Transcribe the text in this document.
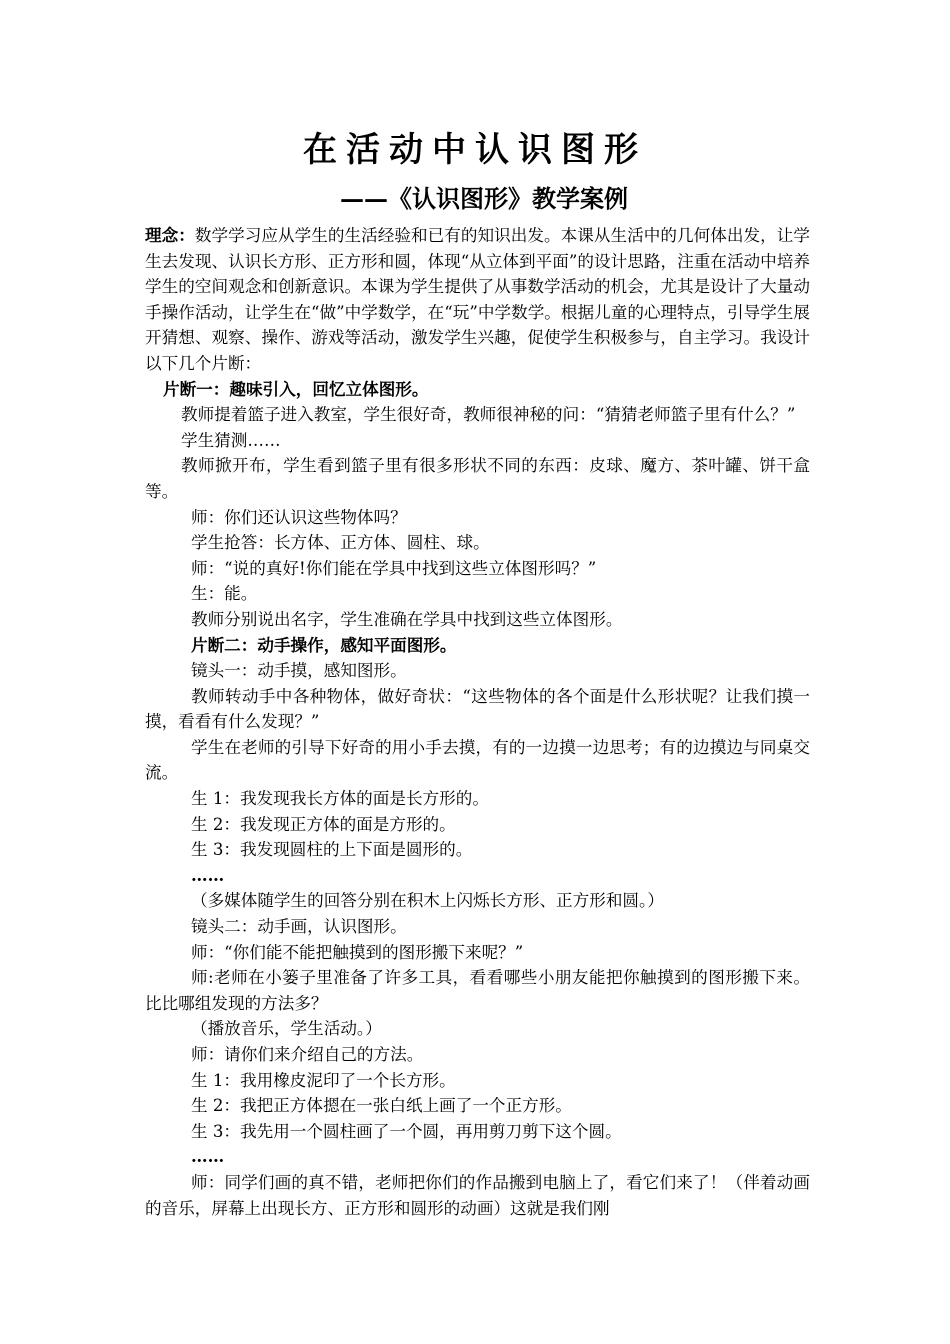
在活动中认识图形
——《认识图形》教学案例

理念：数学学习应从学生的生活经验和已有的知识出发。本课从生活中的几何体出发，让学生去发现、认识长方形、正方形和圆，体现“从立体到平面”的设计思路，注重在活动中培养学生的空间观念和创新意识。本课为学生提供了从事数学活动的机会，尤其是设计了大量动手操作活动，让学生在“做”中学数学，在“玩”中学数学。根据儿童的心理特点，引导学生展开猜想、观察、操作、游戏等活动，激发学生兴趣，促使学生积极参与，自主学习。我设计以下几个片断：

片断一：趣味引入，回忆立体图形。

教师提着篮子进入教室，学生很好奇，教师很神秘的问：“猜猜老师篮子里有什么？”

学生猜测……

教师掀开布，学生看到篮子里有很多形状不同的东西：皮球、魔方、茶叶罐、饼干盒等。

师：你们还认识这些物体吗？

学生抢答：长方体、正方体、圆柱、球。

师：“说的真好!你们能在学具中找到这些立体图形吗？”

生：能。

教师分别说出名字，学生准确在学具中找到这些立体图形。

片断二：动手操作，感知平面图形。

镜头一：动手摸，感知图形。

教师转动手中各种物体，做好奇状：“这些物体的各个面是什么形状呢？让我们摸一摸，看看有什么发现？”

学生在老师的引导下好奇的用小手去摸，有的一边摸一边思考；有的边摸边与同桌交流。

生 1：我发现我长方体的面是长方形的。

生 2：我发现正方体的面是方形的。

生 3：我发现圆柱的上下面是圆形的。

……

（多媒体随学生的回答分别在积木上闪烁长方形、正方形和圆。）

镜头二：动手画，认识图形。

师：“你们能不能把触摸到的图形搬下来呢？”

师:老师在小篓子里准备了许多工具，看看哪些小朋友能把你触摸到的图形搬下来。比比哪组发现的方法多？

（播放音乐，学生活动。）

师：请你们来介绍自己的方法。

生 1：我用橡皮泥印了一个长方形。

生 2：我把正方体摁在一张白纸上画了一个正方形。

生 3：我先用一个圆柱画了一个圆，再用剪刀剪下这个圆。

……

师：同学们画的真不错，老师把你们的作品搬到电脑上了，看它们来了！（伴着动画的音乐，屏幕上出现长方、正方形和圆形的动画）这就是我们刚
